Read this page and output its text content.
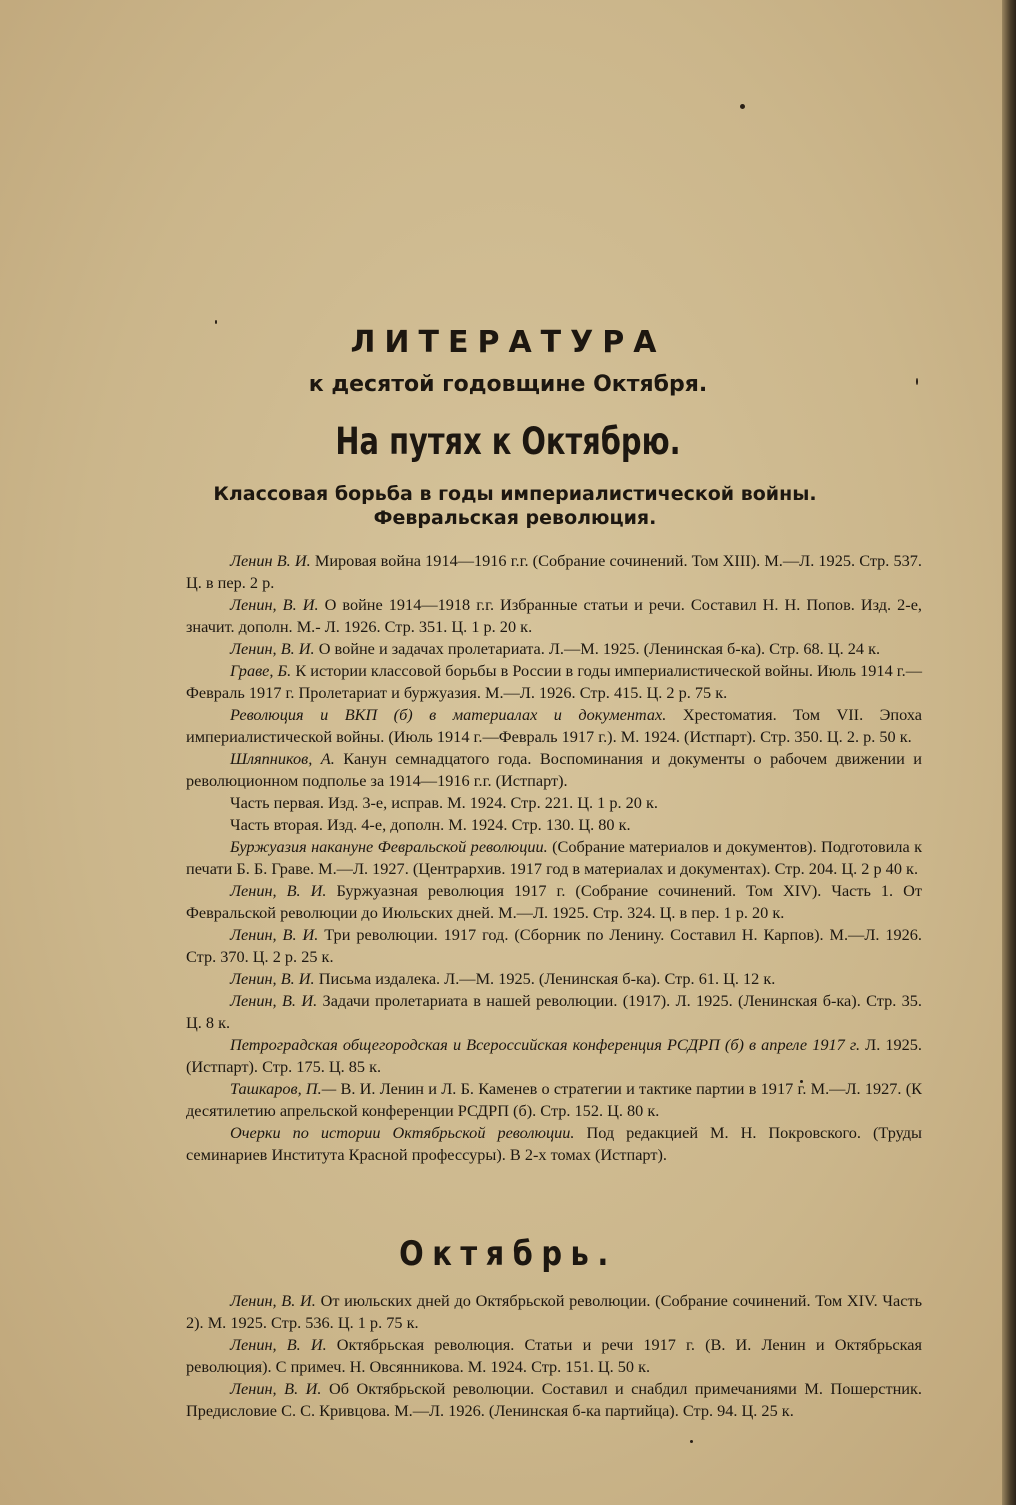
ЛИТЕРАТУРА
к десятой годовщине Октября.
На путях к Октябрю.
Классовая борьба в годы империалистической войны. Февральская революция.

Ленин В. И. Мировая война 1914—1916 г.г. (Собрание сочинений. Том XIII). М.—Л. 1925. Стр. 537. Ц. в пер. 2 р.

Ленин, В. И. О войне 1914—1918 г.г. Избранные статьи и речи. Составил Н. Н. Попов. Изд. 2-е, значит. дополн. М.- Л. 1926. Стр. 351. Ц. 1 р. 20 к.

Ленин, В. И. О войне и задачах пролетариата. Л.—М. 1925. (Ленинская б-ка). Стр. 68. Ц. 24 к.

Граве, Б. К истории классовой борьбы в России в годы империалистической войны. Июль 1914 г.—Февраль 1917 г. Пролетариат и буржуазия. М.—Л. 1926. Стр. 415. Ц. 2 р. 75 к.

Революция и ВКП (б) в материалах и документах. Хрестоматия. Том VII. Эпоха империалистической войны. (Июль 1914 г.—Февраль 1917 г.). М. 1924. (Истпарт). Стр. 350. Ц. 2. р. 50 к.

Шляпников, А. Канун семнадцатого года. Воспоминания и документы о рабочем движении и революционном подполье за 1914—1916 г.г. (Истпарт).

Часть первая. Изд. 3-е, исправ. М. 1924. Стр. 221. Ц. 1 р. 20 к.

Часть вторая. Изд. 4-е, дополн. М. 1924. Стр. 130. Ц. 80 к.

Буржуазия накануне Февральской революции. (Собрание материалов и документов). Подготовила к печати Б. Б. Граве. М.—Л. 1927. (Центрархив. 1917 год в материалах и документах). Стр. 204. Ц. 2 р 40 к.

Ленин, В. И. Буржуазная революция 1917 г. (Собрание сочинений. Том XIV). Часть 1. От Февральской революции до Июльских дней. М.—Л. 1925. Стр. 324. Ц. в пер. 1 р. 20 к.

Ленин, В. И. Три революции. 1917 год. (Сборник по Ленину. Составил Н. Карпов). М.—Л. 1926. Стр. 370. Ц. 2 р. 25 к.

Ленин, В. И. Письма издалека. Л.—М. 1925. (Ленинская б-ка). Стр. 61. Ц. 12 к.

Ленин, В. И. Задачи пролетариата в нашей революции. (1917). Л. 1925. (Ленинская б-ка). Стр. 35. Ц. 8 к.

Петроградская общегородская и Всероссийская конференция РСДРП (б) в апреле 1917 г. Л. 1925. (Истпарт). Стр. 175. Ц. 85 к.

Ташкаров, П.— В. И. Ленин и Л. Б. Каменев о стратегии и тактике партии в 1917 г. М.—Л. 1927. (К десятилетию апрельской конференции РСДРП (б). Стр. 152. Ц. 80 к.

Очерки по истории Октябрьской революции. Под редакцией М. Н. Покровского. (Труды семинариев Института Красной профессуры). В 2-х томах (Истпарт).

Октябрь.

Ленин, В. И. От июльских дней до Октябрьской революции. (Собрание сочинений. Том XIV. Часть 2). М. 1925. Стр. 536. Ц. 1 р. 75 к.

Ленин, В. И. Октябрьская революция. Статьи и речи 1917 г. (В. И. Ленин и Октябрьская революция). С примеч. Н. Овсянникова. М. 1924. Стр. 151. Ц. 50 к.

Ленин, В. И. Об Октябрьской революции. Составил и снабдил примечаниями М. Пошерстник. Предисловие С. С. Кривцова. М.—Л. 1926. (Ленинская б-ка партийца). Стр. 94. Ц. 25 к.
